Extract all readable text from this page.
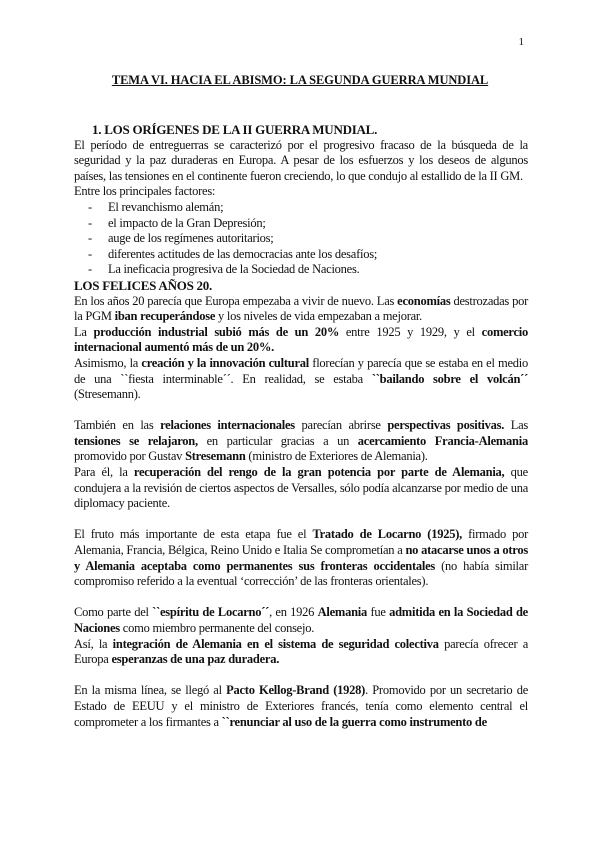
1
TEMA VI. HACIA EL ABISMO: LA SEGUNDA GUERRA MUNDIAL

1. LOS ORÍGENES DE LA II GUERRA MUNDIAL.

El período de entreguerras se caracterizó por el progresivo fracaso de la búsqueda de la seguridad y la paz duraderas en Europa. A pesar de los esfuerzos y los deseos de algunos países, las tensiones en el continente fueron creciendo, lo que condujo al estallido de la II GM.

Entre los principales factores:

- El revanchismo alemán;
- el impacto de la Gran Depresión;
- auge de los regímenes autoritarios;
- diferentes actitudes de las democracias ante los desafíos;
- La ineficacia progresiva de la Sociedad de Naciones.

LOS FELICES AÑOS 20.

En los años 20 parecía que Europa empezaba a vivir de nuevo. Las economías destrozadas por la PGM iban recuperándose y los niveles de vida empezaban a mejorar.

La producción industrial subió más de un 20% entre 1925 y 1929, y el comercio internacional aumentó más de un 20%.

Asimismo, la creación y la innovación cultural florecían y parecía que se estaba en el medio de una ``fiesta interminable´´. En realidad, se estaba ``bailando sobre el volcán´´ (Stresemann).

También en las relaciones internacionales parecían abrirse perspectivas positivas. Las tensiones se relajaron, en particular gracias a un acercamiento Francia-Alemania promovido por Gustav Stresemann (ministro de Exteriores de Alemania).

Para él, la recuperación del rengo de la gran potencia por parte de Alemania, que condujera a la revisión de ciertos aspectos de Versalles, sólo podía alcanzarse por medio de una diplomacy paciente.

El fruto más importante de esta etapa fue el Tratado de Locarno (1925), firmado por Alemania, Francia, Bélgica, Reino Unido e Italia Se comprometían a no atacarse unos a otros y Alemania aceptaba como permanentes sus fronteras occidentales (no había similar compromiso referido a la eventual ‘corrección’ de las fronteras orientales).

Como parte del ``espíritu de Locarno´´, en 1926 Alemania fue admitida en la Sociedad de Naciones como miembro permanente del consejo.

Así, la integración de Alemania en el sistema de seguridad colectiva parecía ofrecer a Europa esperanzas de una paz duradera.

En la misma línea, se llegó al Pacto Kellog-Brand (1928). Promovido por un secretario de Estado de EEUU y el ministro de Exteriores francés, tenía como elemento central el comprometer a los firmantes a ``renunciar al uso de la guerra como instrumento de
